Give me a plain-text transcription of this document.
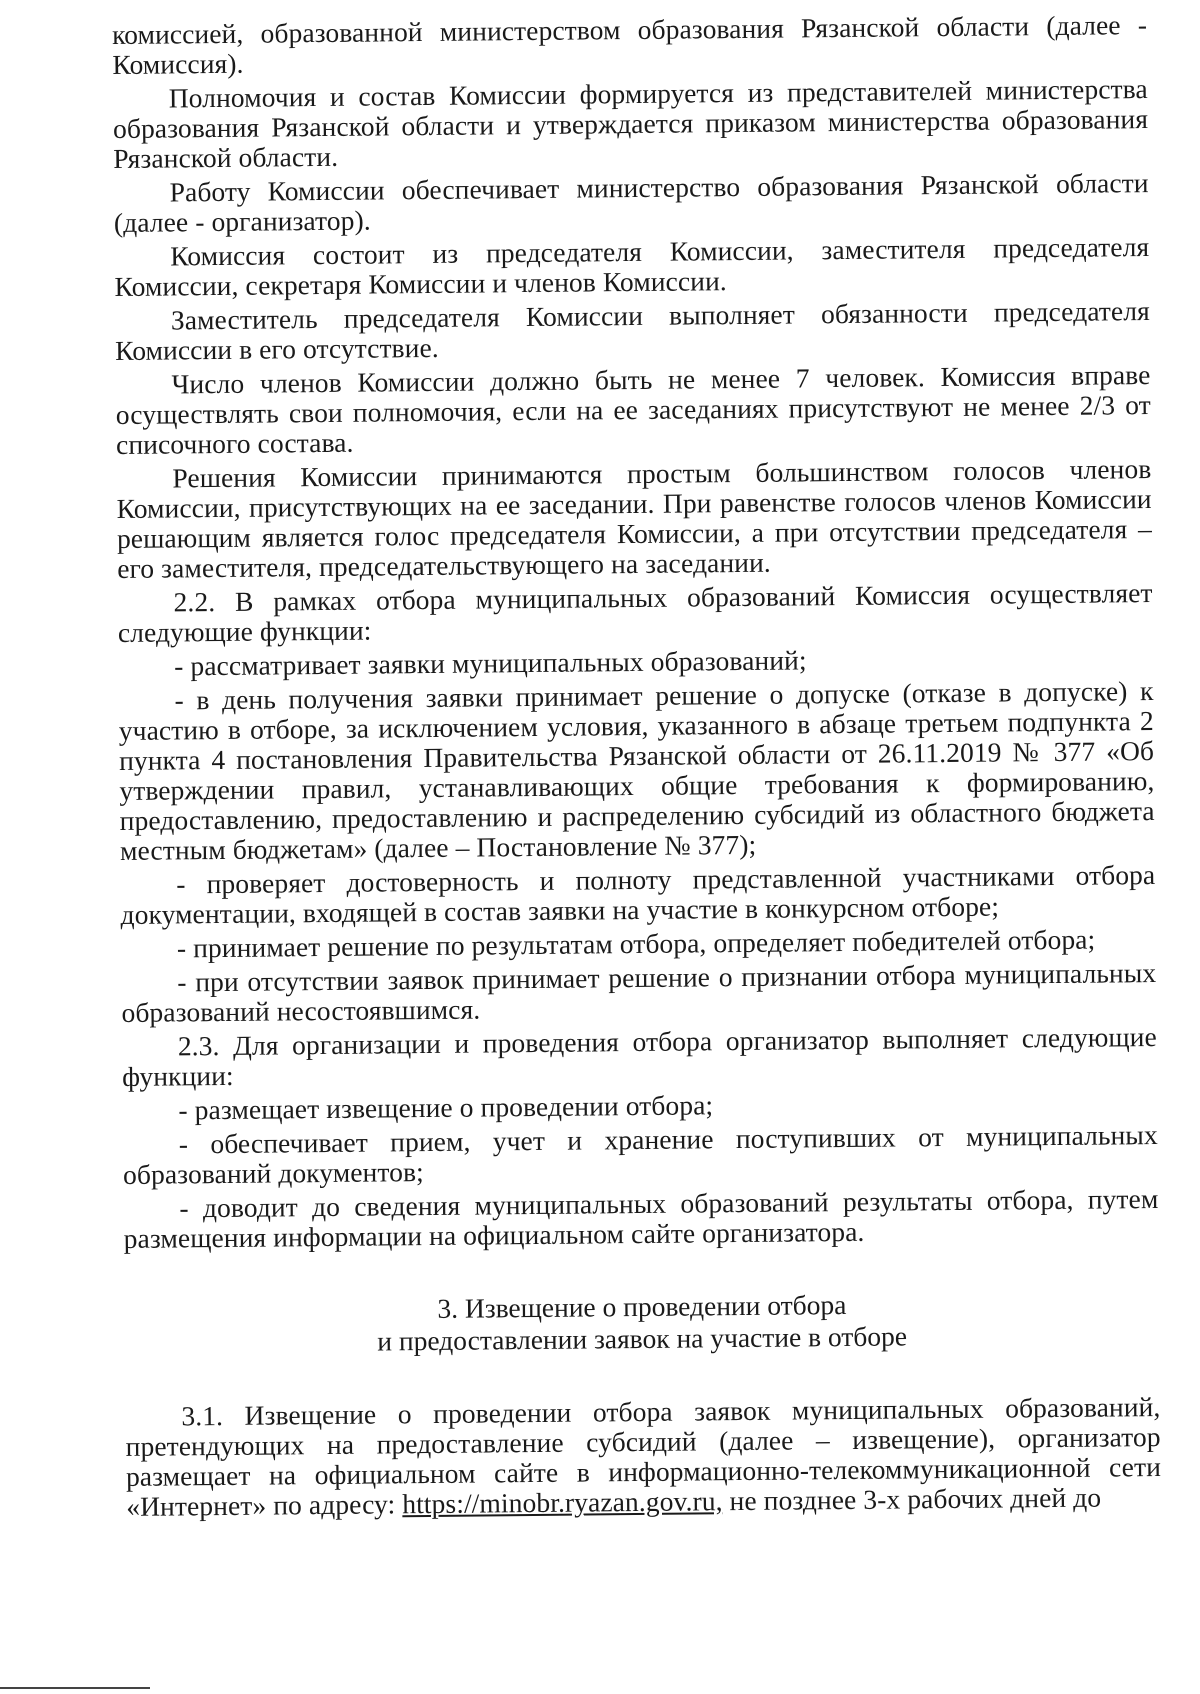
комиссией, образованной министерством образования Рязанской области (далее - Комиссия).

Полномочия и состав Комиссии формируется из представителей министерства образования Рязанской области и утверждается приказом министерства образования Рязанской области.

Работу Комиссии обеспечивает министерство образования Рязанской области (далее - организатор).

Комиссия состоит из председателя Комиссии, заместителя председателя Комиссии, секретаря Комиссии и членов Комиссии.

Заместитель председателя Комиссии выполняет обязанности председателя Комиссии в его отсутствие.

Число членов Комиссии должно быть не менее 7 человек. Комиссия вправе осуществлять свои полномочия, если на ее заседаниях присутствуют не менее 2/3 от списочного состава.

Решения Комиссии принимаются простым большинством голосов членов Комиссии, присутствующих на ее заседании. При равенстве голосов членов Комиссии решающим является голос председателя Комиссии, а при отсутствии председателя – его заместителя, председательствующего на заседании.

2.2. В рамках отбора муниципальных образований Комиссия осуществляет следующие функции:

- рассматривает заявки муниципальных образований;

- в день получения заявки принимает решение о допуске (отказе в допуске) к участию в отборе, за исключением условия, указанного в абзаце третьем подпункта 2 пункта 4 постановления Правительства Рязанской области от 26.11.2019 № 377 «Об утверждении правил, устанавливающих общие требования к формированию, предоставлению, предоставлению и распределению субсидий из областного бюджета местным бюджетам» (далее – Постановление № 377);

- проверяет достоверность и полноту представленной участниками отбора документации, входящей в состав заявки на участие в конкурсном отборе;

- принимает решение по результатам отбора, определяет победителей отбора;

- при отсутствии заявок принимает решение о признании отбора муниципальных образований несостоявшимся.

2.3. Для организации и проведения отбора организатор выполняет следующие функции:

- размещает извещение о проведении отбора;

- обеспечивает прием, учет и хранение поступивших от муниципальных образований документов;

- доводит до сведения муниципальных образований результаты отбора, путем размещения информации на официальном сайте организатора.

3. Извещение о проведении отбора
и предоставлении заявок на участие в отборе

3.1. Извещение о проведении отбора заявок муниципальных образований, претендующих на предоставление субсидий (далее – извещение), организатор размещает на официальном сайте в информационно-телекоммуникационной сети «Интернет» по адресу: https://minobr.ryazan.gov.ru, не позднее 3-х рабочих дней до
